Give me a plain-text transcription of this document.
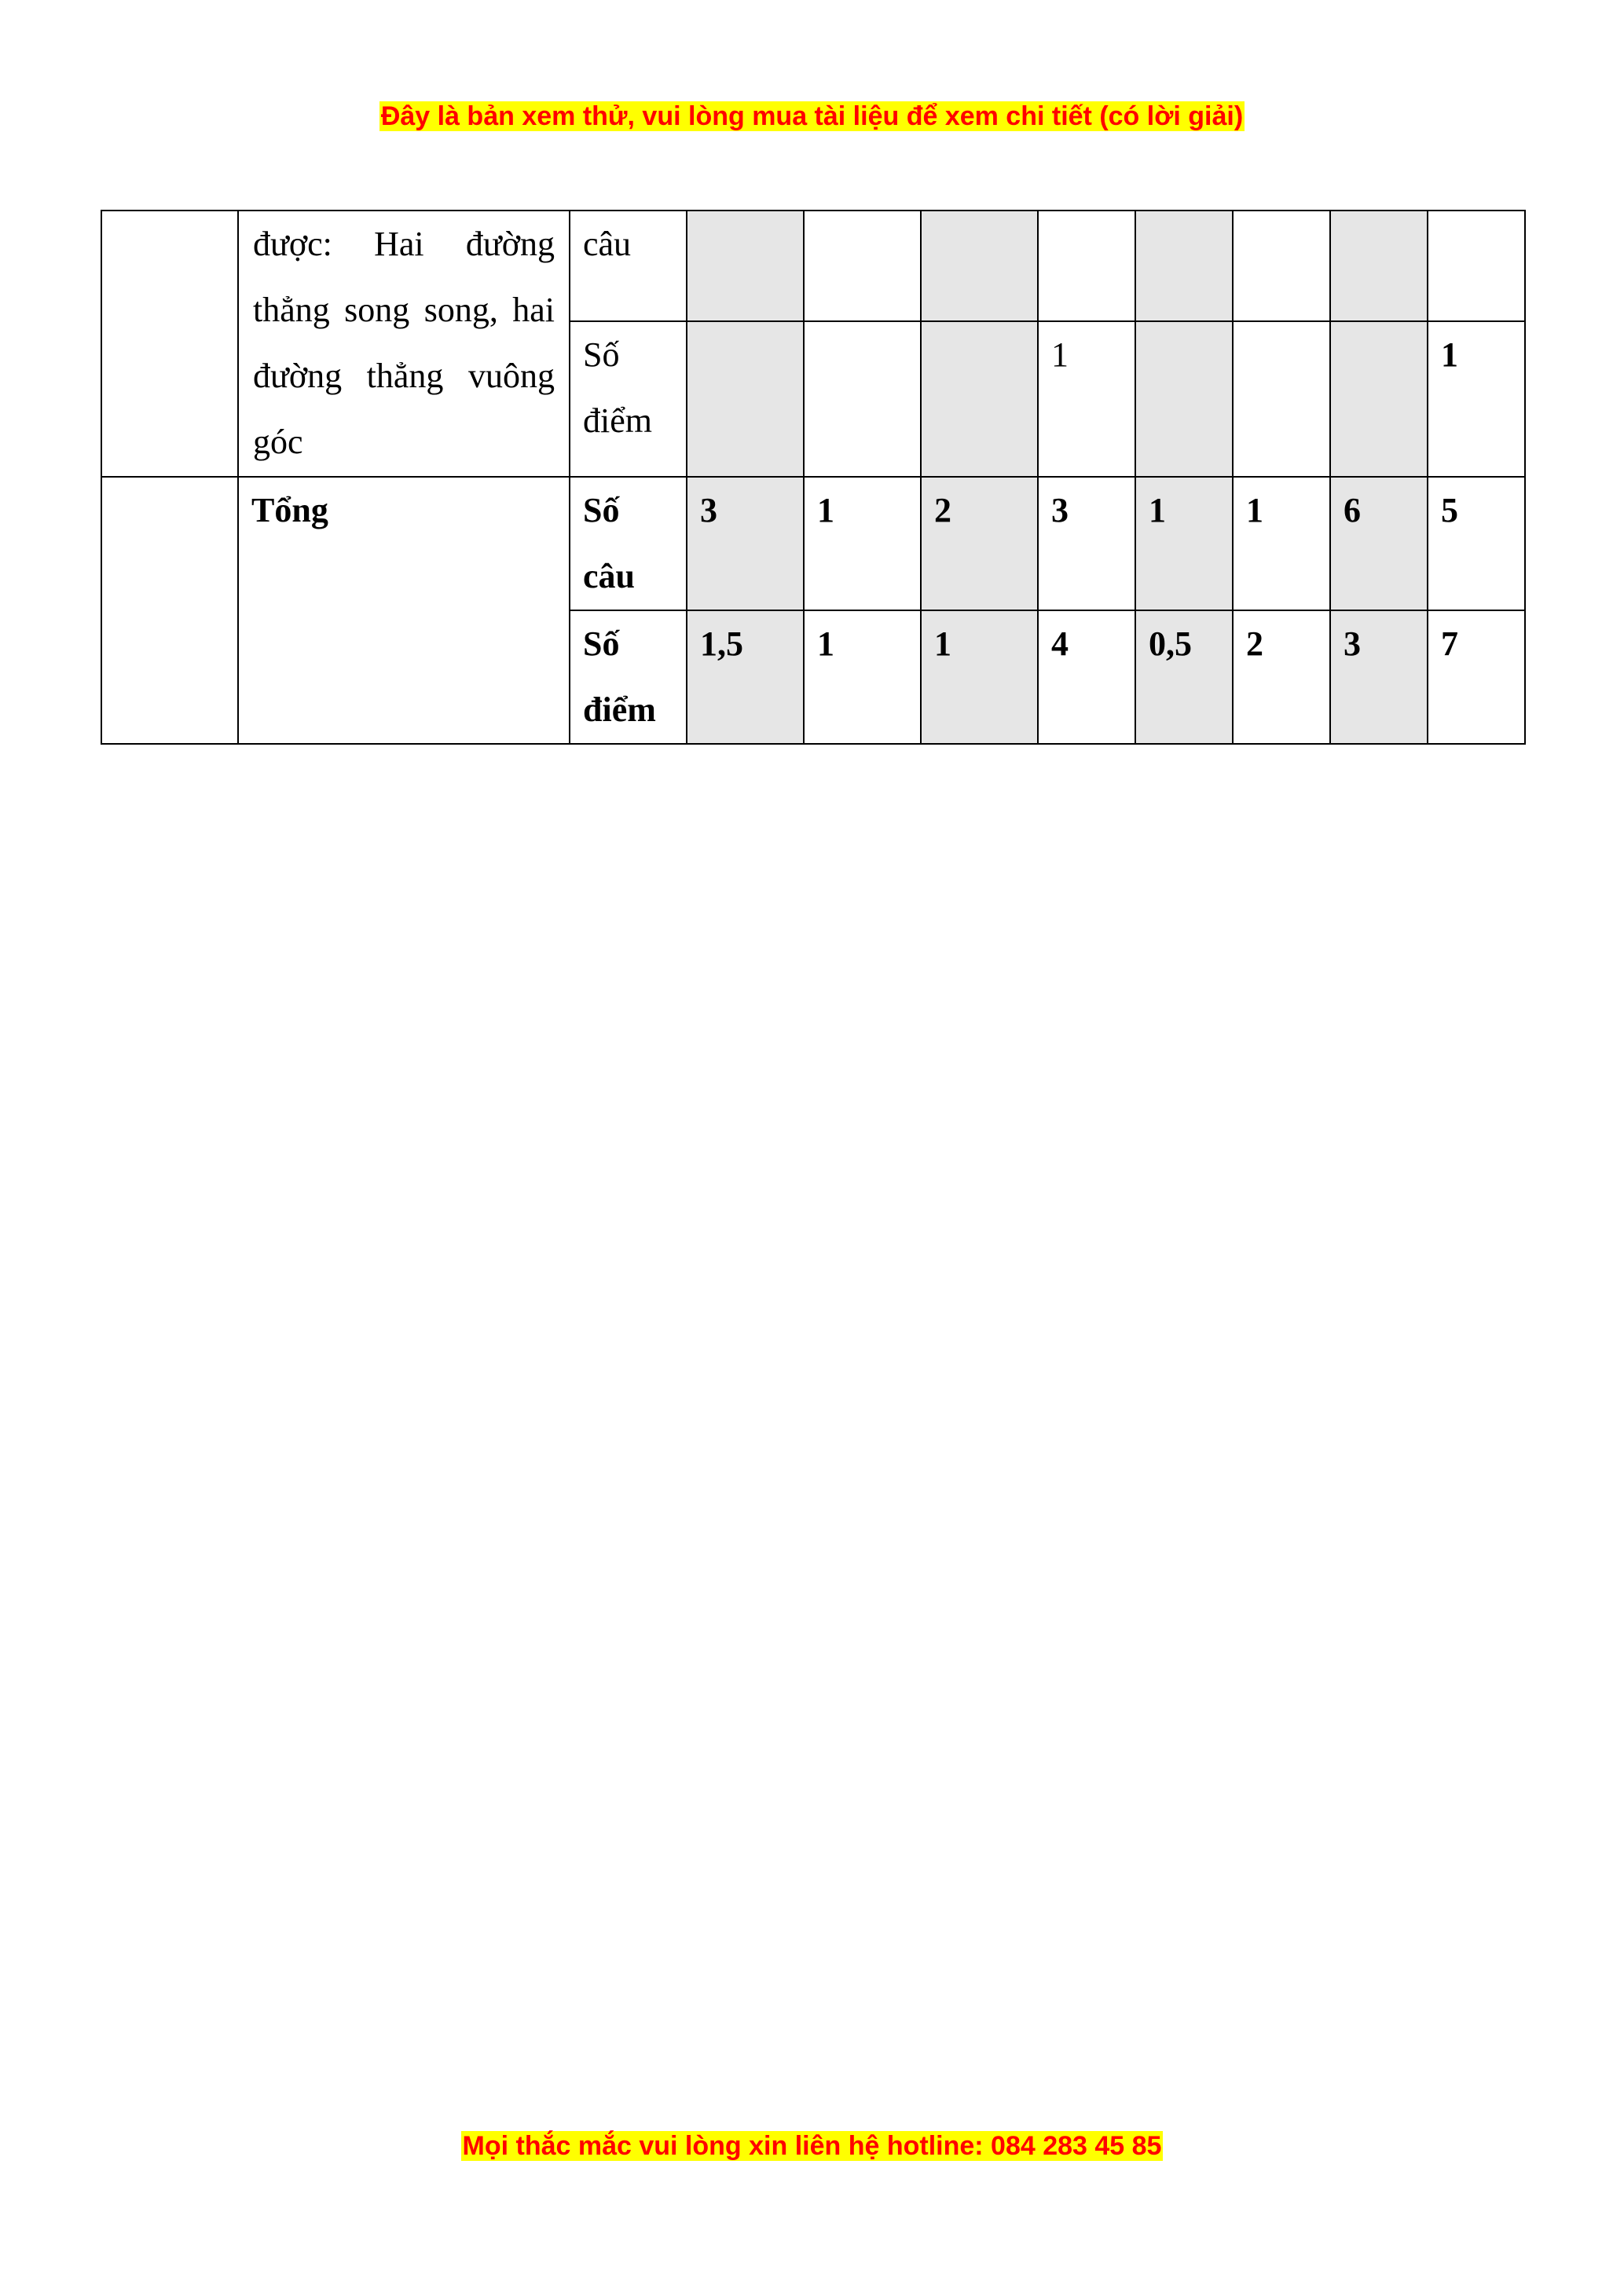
Đây là bản xem thử, vui lòng mua tài liệu để xem chi tiết (có lời giải)

	được: Hai đường thẳng song song, hai đường thẳng vuông góc	câu								
		Số điểm				1				1
	Tổng	Số câu	3	1	2	3	1	1	6	5
		Số điểm	1,5	1	1	4	0,5	2	3	7
Mọi thắc mắc vui lòng xin liên hệ hotline: 084 283 45 85
